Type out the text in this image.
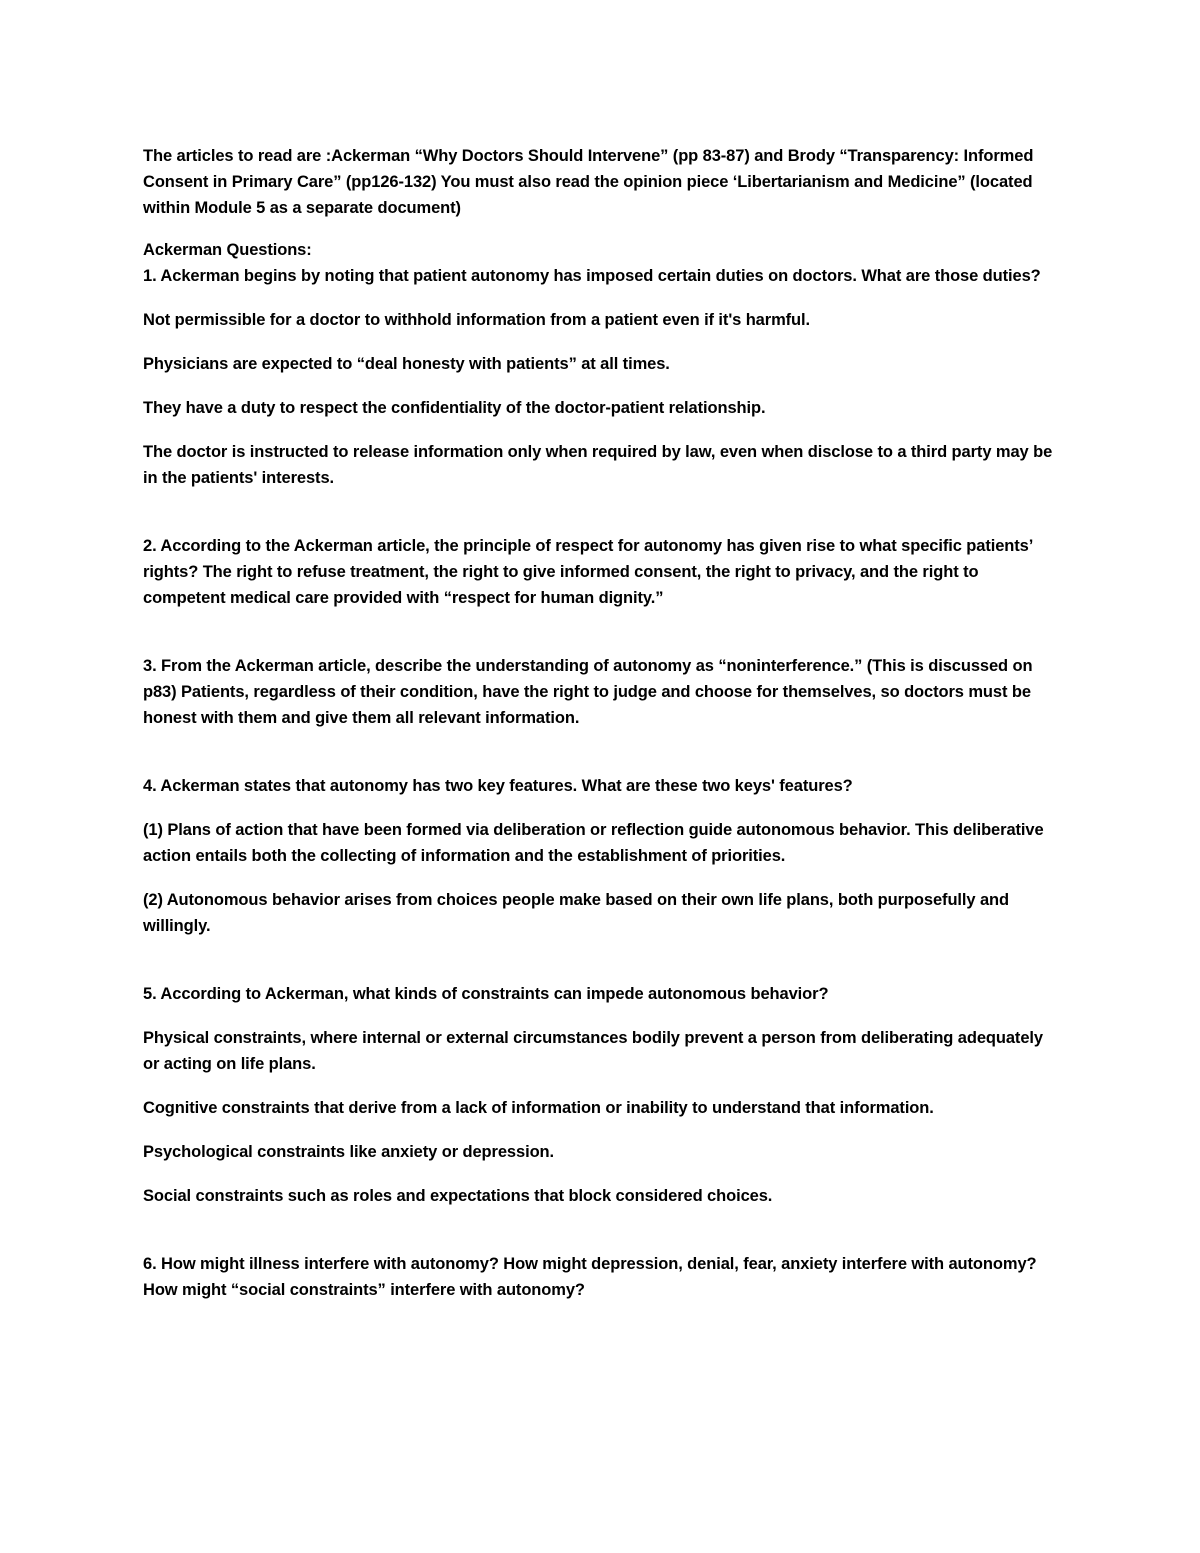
The articles to read are :Ackerman “Why Doctors Should Intervene” (pp 83-87) and Brody “Transparency: Informed Consent in Primary Care” (pp126-132) You must also read the opinion piece ‘Libertarianism and Medicine” (located within Module 5 as a separate document)

Ackerman Questions:

1. Ackerman begins by noting that patient autonomy has imposed certain duties on doctors. What are those duties?

Not permissible for a doctor to withhold information from a patient even if it's harmful.

Physicians are expected to “deal honesty with patients” at all times.

They have a duty to respect the confidentiality of the doctor-patient relationship.

The doctor is instructed to release information only when required by law, even when disclose to a third party may be in the patients' interests.

2. According to the Ackerman article, the principle of respect for autonomy has given rise to what specific patients’ rights? The right to refuse treatment, the right to give informed consent, the right to privacy, and the right to competent medical care provided with “respect for human dignity.”

3. From the Ackerman article, describe the understanding of autonomy as “noninterference.” (This is discussed on p83) Patients, regardless of their condition, have the right to judge and choose for themselves, so doctors must be honest with them and give them all relevant information.

4. Ackerman states that autonomy has two key features. What are these two keys' features?

(1) Plans of action that have been formed via deliberation or reflection guide autonomous behavior. This deliberative action entails both the collecting of information and the establishment of priorities.

(2) Autonomous behavior arises from choices people make based on their own life plans, both purposefully and willingly.

5. According to Ackerman, what kinds of constraints can impede autonomous behavior?

Physical constraints, where internal or external circumstances bodily prevent a person from deliberating adequately or acting on life plans.

Cognitive constraints that derive from a lack of information or inability to understand that information.

Psychological constraints like anxiety or depression.

Social constraints such as roles and expectations that block considered choices.

6. How might illness interfere with autonomy? How might depression, denial, fear, anxiety interfere with autonomy? How might “social constraints” interfere with autonomy?
